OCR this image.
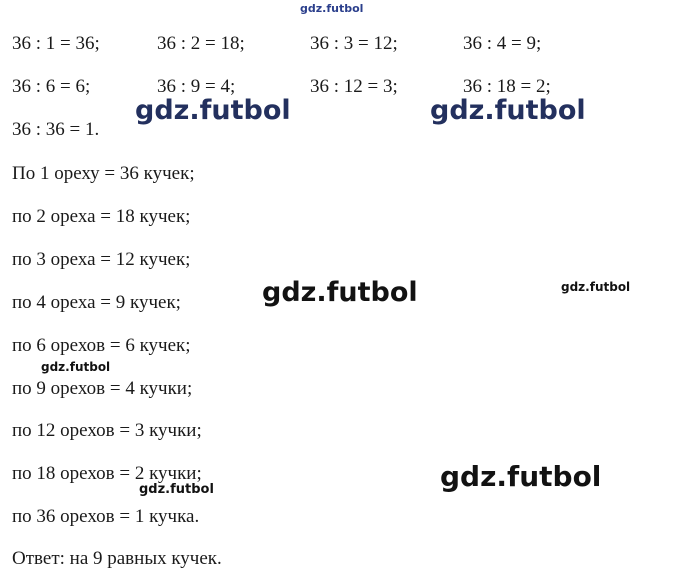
36 : 1 = 36;	36 : 2 = 18;	36 : 3 = 12;	36 : 4 = 9;
36 : 6 = 6;	36 : 9 = 4;	36 : 12 = 3;	36 : 18 = 2;
36 : 36 = 1.
По 1 ореху = 36 кучек;
по 2 ореха = 18 кучек;
по 3 ореха = 12 кучек;
по 4 ореха = 9 кучек;
по 6 орехов = 6 кучек;
по 9 орехов = 4 кучки;
по 12 орехов = 3 кучки;
по 18 орехов = 2 кучки;
по 36 орехов = 1 кучка.
Ответ: на 9 равных кучек.
gdz.futbol
gdz.futbol	gdz.futbol
gdz.futbol	gdz.futbol
gdz.futbol
gdz.futbol	gdz.futbol
